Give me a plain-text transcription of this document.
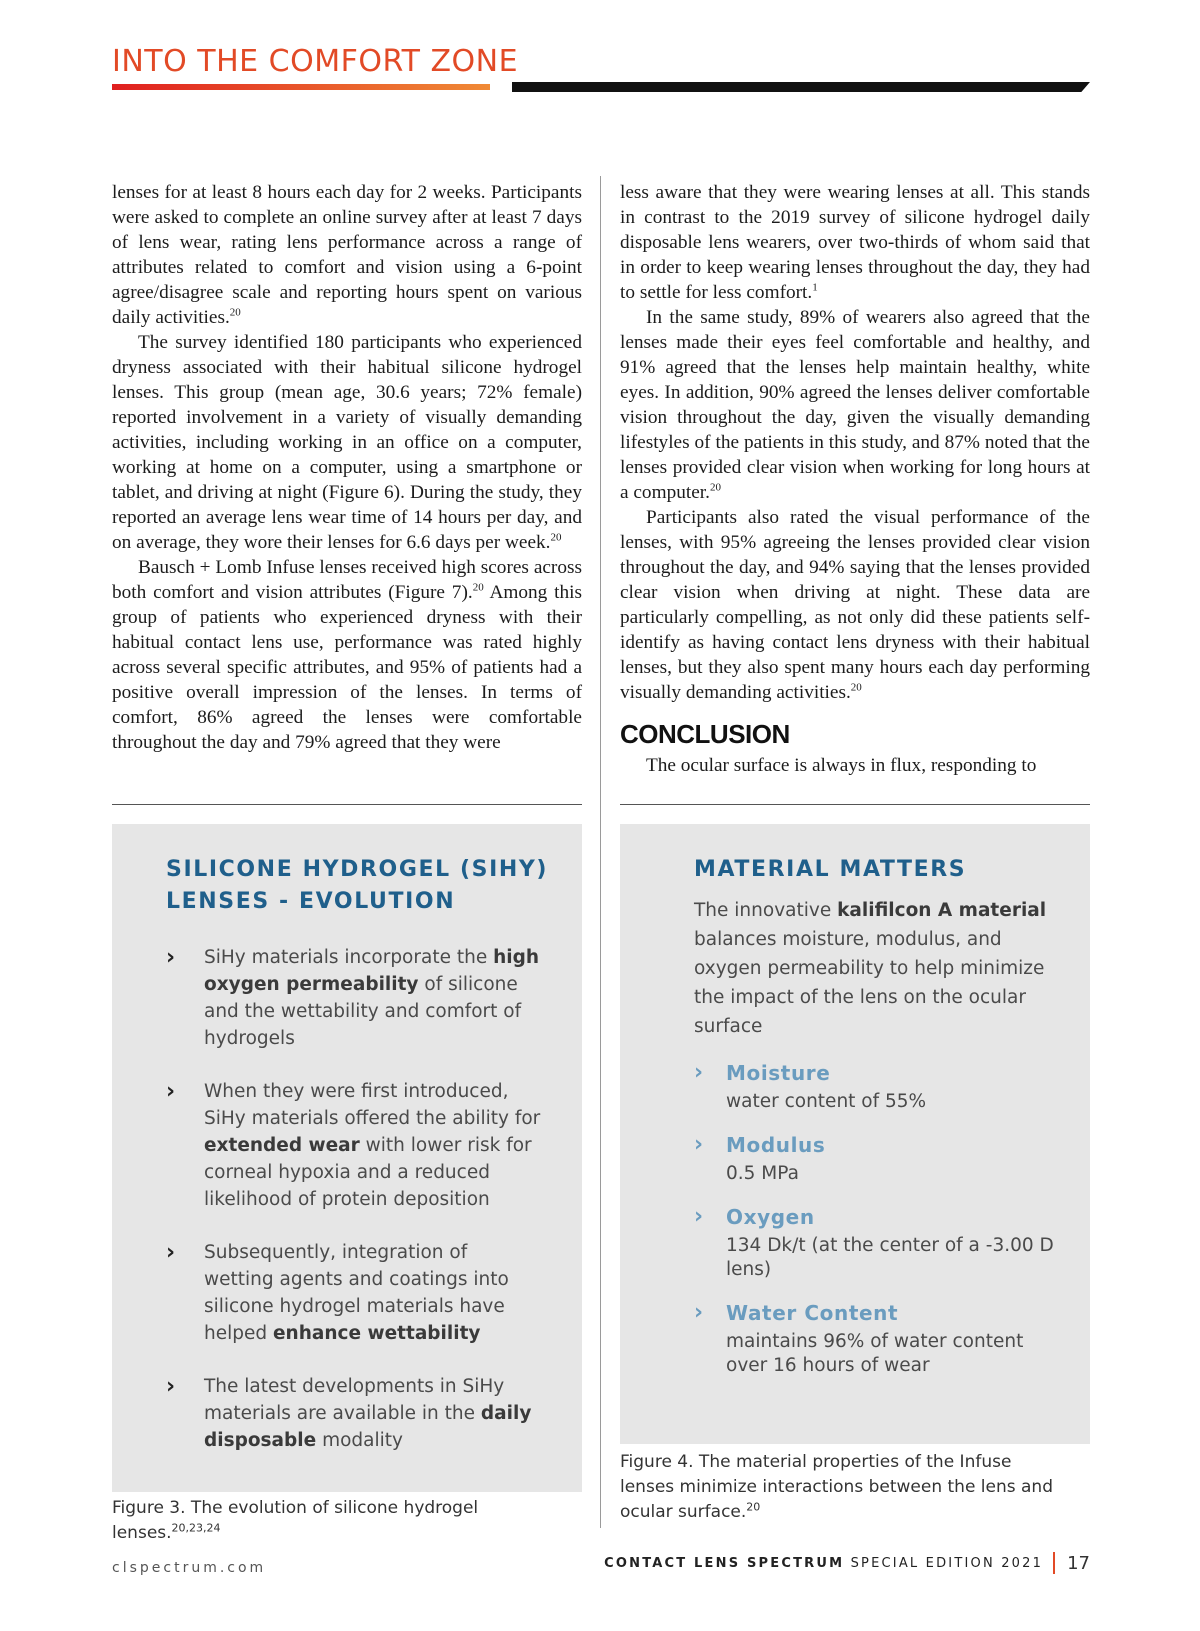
INTO THE COMFORT ZONE

lenses for at least 8 hours each day for 2 weeks. Participants were asked to complete an online survey after at least 7 days of lens wear, rating lens performance across a range of attributes related to comfort and vision using a 6-point agree/disagree scale and reporting hours spent on various daily activities.$^{20}$

The survey identified 180 participants who experienced dryness associated with their habitual silicone hydrogel lenses. This group (mean age, 30.6 years; 72% female) reported involvement in a variety of visually demanding activities, including working in an office on a computer, working at home on a computer, using a smartphone or tablet, and driving at night (Figure 6). During the study, they reported an average lens wear time of 14 hours per day, and on average, they wore their lenses for 6.6 days per week.$^{20}$

Bausch + Lomb Infuse lenses received high scores across both comfort and vision attributes (Figure 7).$^{20}$ Among this group of patients who experienced dryness with their habitual contact lens use, performance was rated highly across several specific attributes, and 95% of patients had a positive overall impression of the lenses. In terms of comfort, 86% agreed the lenses were comfortable throughout the day and 79% agreed that they were

less aware that they were wearing lenses at all. This stands in contrast to the 2019 survey of silicone hydrogel daily disposable lens wearers, over two-thirds of whom said that in order to keep wearing lenses throughout the day, they had to settle for less comfort.$^1$

In the same study, 89% of wearers also agreed that the lenses made their eyes feel comfortable and healthy, and 91% agreed that the lenses help maintain healthy, white eyes. In addition, 90% agreed the lenses deliver comfortable vision throughout the day, given the visually demanding lifestyles of the patients in this study, and 87% noted that the lenses provided clear vision when working for long hours at a computer.$^{20}$

Participants also rated the visual performance of the lenses, with 95% agreeing the lenses provided clear vision throughout the day, and 94% saying that the lenses provided clear vision when driving at night. These data are particularly compelling, as not only did these patients self-identify as having contact lens dryness with their habitual lenses, but they also spent many hours each day performing visually demanding activities.$^{20}$

CONCLUSION

The ocular surface is always in flux, responding to

SILICONE HYDROGEL (SIHY)
LENSES - EVOLUTION
› SiHy materials incorporate the high oxygen permeability of silicone and the wettability and comfort of hydrogels
› When they were first introduced, SiHy materials offered the ability for extended wear with lower risk for corneal hypoxia and a reduced likelihood of protein deposition
› Subsequently, integration of wetting agents and coatings into silicone hydrogel materials have helped enhance wettability
› The latest developments in SiHy materials are available in the daily disposable modality

Figure 3. The evolution of silicone hydrogel lenses.$^{20,23,24}$

MATERIAL MATTERS

The innovative kalifilcon A material balances moisture, modulus, and oxygen permeability to help minimize the impact of the lens on the ocular surface

› Moisture
water content of 55%
› Modulus
0.5 MPa
› Oxygen
134 Dk/t (at the center of a -3.00 D lens)
› Water Content
maintains 96% of water content over 16 hours of wear

Figure 4. The material properties of the Infuse lenses minimize interactions between the lens and ocular surface.$^{20}$

clspectrum.com	CONTACT LENS SPECTRUM SPECIAL EDITION 2021 17
